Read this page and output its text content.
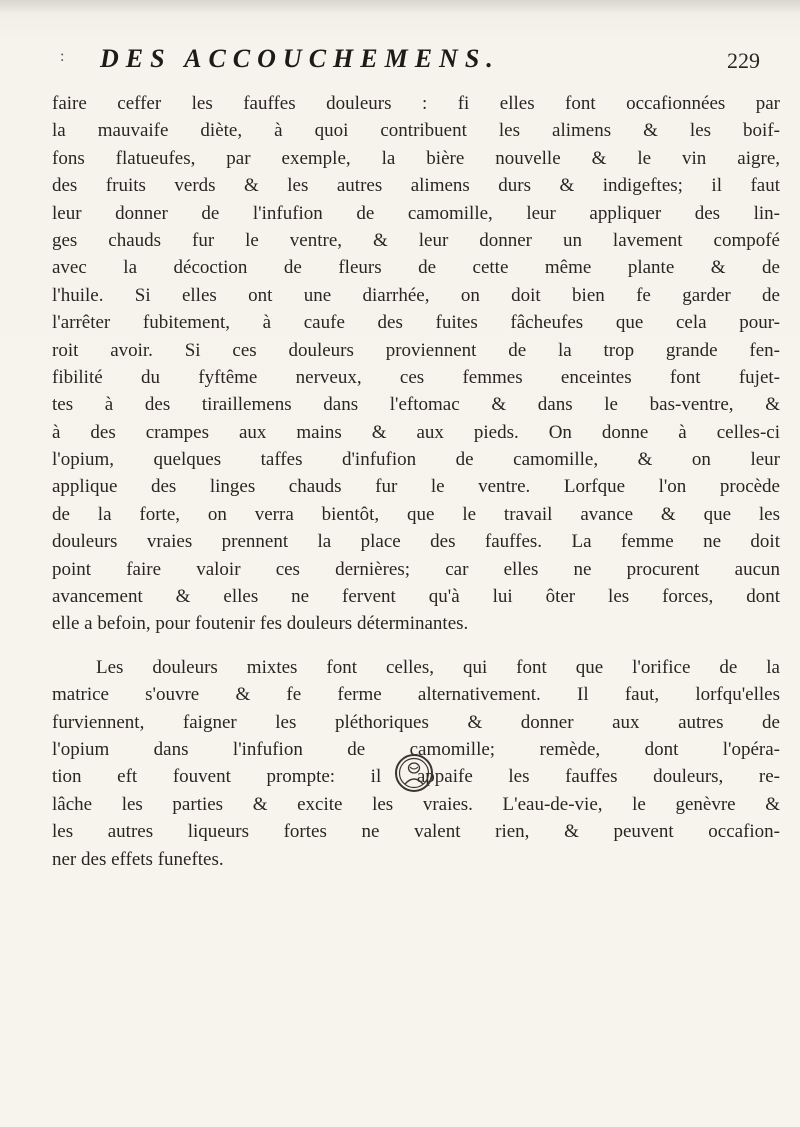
: DES ACCOUCHEMENS.	229
faire ceffer les fauffes douleurs : fi elles font occafionnées par
la mauvaife diète, à quoi contribuent les alimens & les boif-
fons flatueufes, par exemple, la bière nouvelle & le vin aigre,
des fruits verds & les autres alimens durs & indigeftes; il faut
leur donner de l'infufion de camomille, leur appliquer des lin-
ges chauds fur le ventre, & leur donner un lavement compofé
avec la décoction de fleurs de cette même plante & de
l'huile. Si elles ont une diarrhée, on doit bien fe garder de
l'arrêter fubitement, à caufe des fuites fâcheufes que cela pour-
roit avoir. Si ces douleurs proviennent de la trop grande fen-
fibilité du fyftême nerveux, ces femmes enceintes font fujet-
tes à des tiraillemens dans l'eftomac & dans le bas-ventre, &
à des crampes aux mains & aux pieds. On donne à celles-ci
l'opium, quelques taffes d'infufion de camomille, & on leur
applique des linges chauds fur le ventre. Lorfque l'on procède
de la forte, on verra bientôt, que le travail avance & que les
douleurs vraies prennent la place des fauffes. La femme ne doit
point faire valoir ces dernières; car elles ne procurent aucun
avancement & elles ne fervent qu'à lui ôter les forces, dont
elle a befoin, pour foutenir fes douleurs déterminantes.
Les douleurs mixtes font celles, qui font que l'orifice de la
matrice s'ouvre & fe ferme alternativement. Il faut, lorfqu'elles
furviennent, faigner les pléthoriques & donner aux autres de
l'opium dans l'infufion de camomille; remède, dont l'opéra-
tion eft fouvent prompte: il appaife les fauffes douleurs, re-
lâche les parties & excite les vraies. L'eau-de-vie, le genèvre &
les autres liqueurs fortes ne valent rien, & peuvent occafion-
ner des effets funeftes.
